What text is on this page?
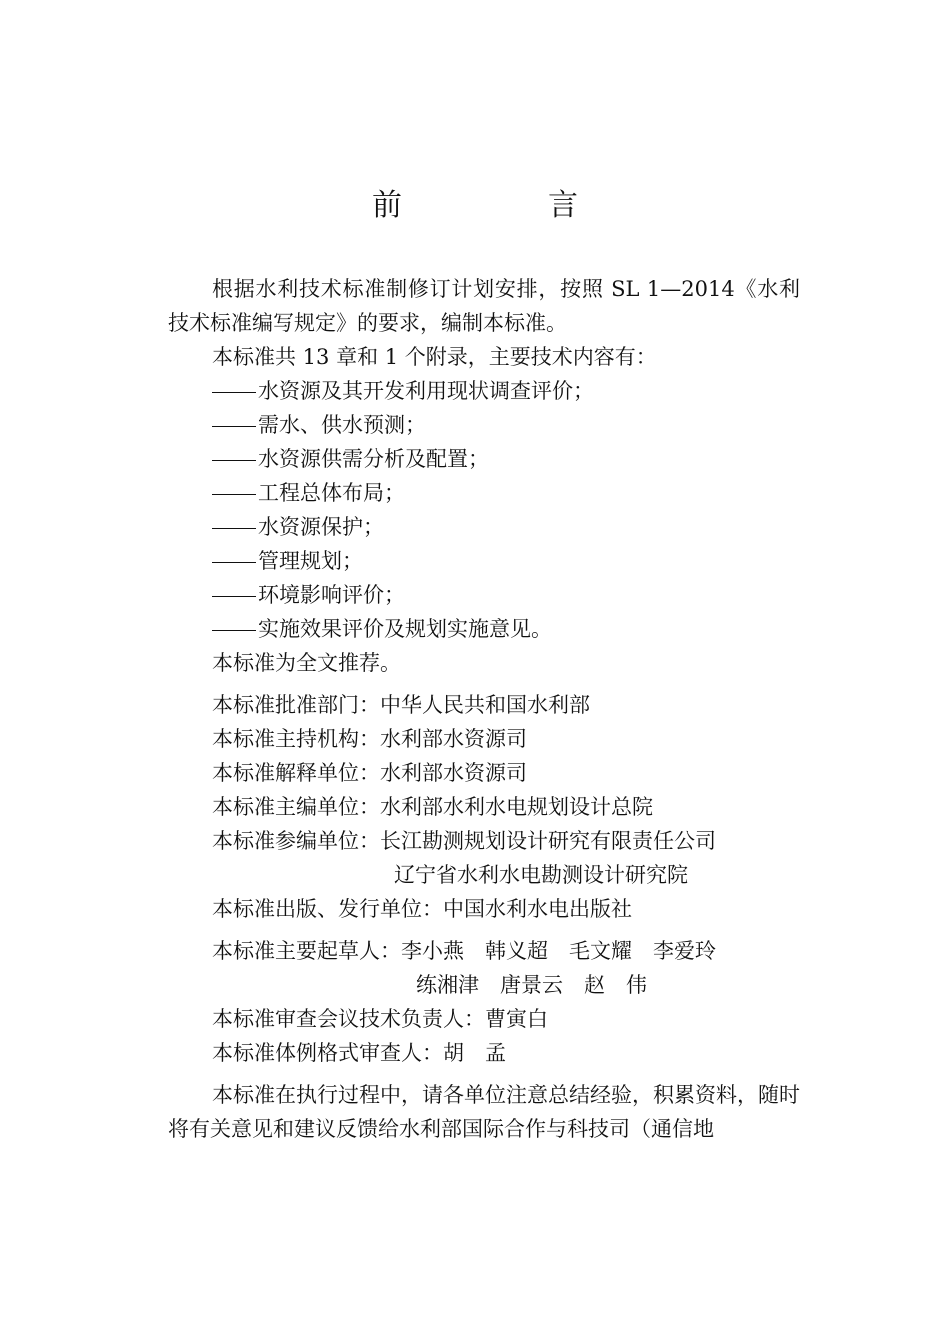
前　言

根据水利技术标准制修订计划安排，按照 SL 1—2014《水利技术标准编写规定》的要求，编制本标准。

本标准共 13 章和 1 个附录，主要技术内容有：

水资源及其开发利用现状调查评价；

需水、供水预测；

水资源供需分析及配置；

工程总体布局；

水资源保护；

管理规划；

环境影响评价；

实施效果评价及规划实施意见。

本标准为全文推荐。

本标准批准部门：中华人民共和国水利部

本标准主持机构：水利部水资源司

本标准解释单位：水利部水资源司

本标准主编单位：水利部水利水电规划设计总院

本标准参编单位：长江勘测规划设计研究有限责任公司

辽宁省水利水电勘测设计研究院

本标准出版、发行单位：中国水利水电出版社

本标准主要起草人：李小燕　韩义超　毛文耀　李爱玲

练湘津　唐景云　赵　伟

本标准审查会议技术负责人：曹寅白

本标准体例格式审查人：胡　孟

本标准在执行过程中，请各单位注意总结经验，积累资料，随时将有关意见和建议反馈给水利部国际合作与科技司（通信地
